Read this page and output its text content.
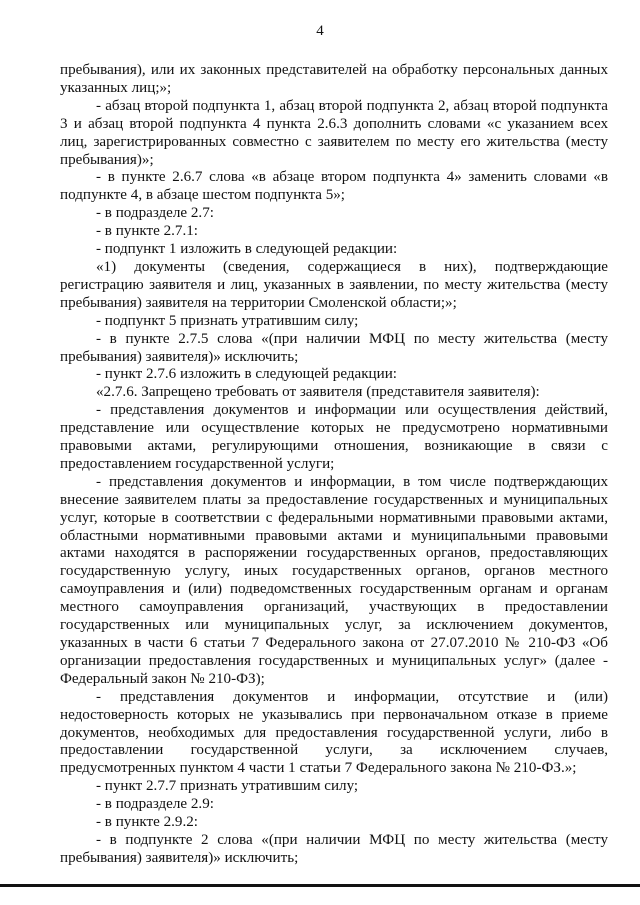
4

пребывания), или их законных представителей на обработку персональных данных указанных лиц;»;

- абзац второй подпункта 1, абзац второй подпункта 2, абзац второй подпункта 3 и абзац второй подпункта 4 пункта 2.6.3 дополнить словами «с указанием всех лиц, зарегистрированных совместно с заявителем по месту его жительства (месту пребывания)»;

- в пункте 2.6.7 слова «в абзаце втором подпункта 4» заменить словами «в подпункте 4, в абзаце шестом подпункта 5»;

- в подразделе 2.7:

- в пункте 2.7.1:

- подпункт 1 изложить в следующей редакции:

«1) документы (сведения, содержащиеся в них), подтверждающие регистрацию заявителя и лиц, указанных в заявлении, по месту жительства (месту пребывания) заявителя на территории Смоленской области;»;

- подпункт 5 признать утратившим силу;

- в пункте 2.7.5 слова «(при наличии МФЦ по месту жительства (месту пребывания) заявителя)» исключить;

- пункт 2.7.6 изложить в следующей редакции:

«2.7.6. Запрещено требовать от заявителя (представителя заявителя):

- представления документов и информации или осуществления действий, представление или осуществление которых не предусмотрено нормативными правовыми актами, регулирующими отношения, возникающие в связи с предоставлением государственной услуги;

- представления документов и информации, в том числе подтверждающих внесение заявителем платы за предоставление государственных и муниципальных услуг, которые в соответствии с федеральными нормативными правовыми актами, областными нормативными правовыми актами и муниципальными правовыми актами находятся в распоряжении государственных органов, предоставляющих государственную услугу, иных государственных органов, органов местного самоуправления и (или) подведомственных государственным органам и органам местного самоуправления организаций, участвующих в предоставлении государственных или муниципальных услуг, за исключением документов, указанных в части 6 статьи 7 Федерального закона от 27.07.2010 № 210-ФЗ «Об организации предоставления государственных и муниципальных услуг» (далее - Федеральный закон № 210-ФЗ);

- представления документов и информации, отсутствие и (или) недостоверность которых не указывались при первоначальном отказе в приеме документов, необходимых для предоставления государственной услуги, либо в предоставлении государственной услуги, за исключением случаев, предусмотренных пунктом 4 части 1 статьи 7 Федерального закона № 210-ФЗ.»;

- пункт 2.7.7 признать утратившим силу;

- в подразделе 2.9:

- в пункте 2.9.2:

- в подпункте 2 слова «(при наличии МФЦ по месту жительства (месту пребывания) заявителя)» исключить;
